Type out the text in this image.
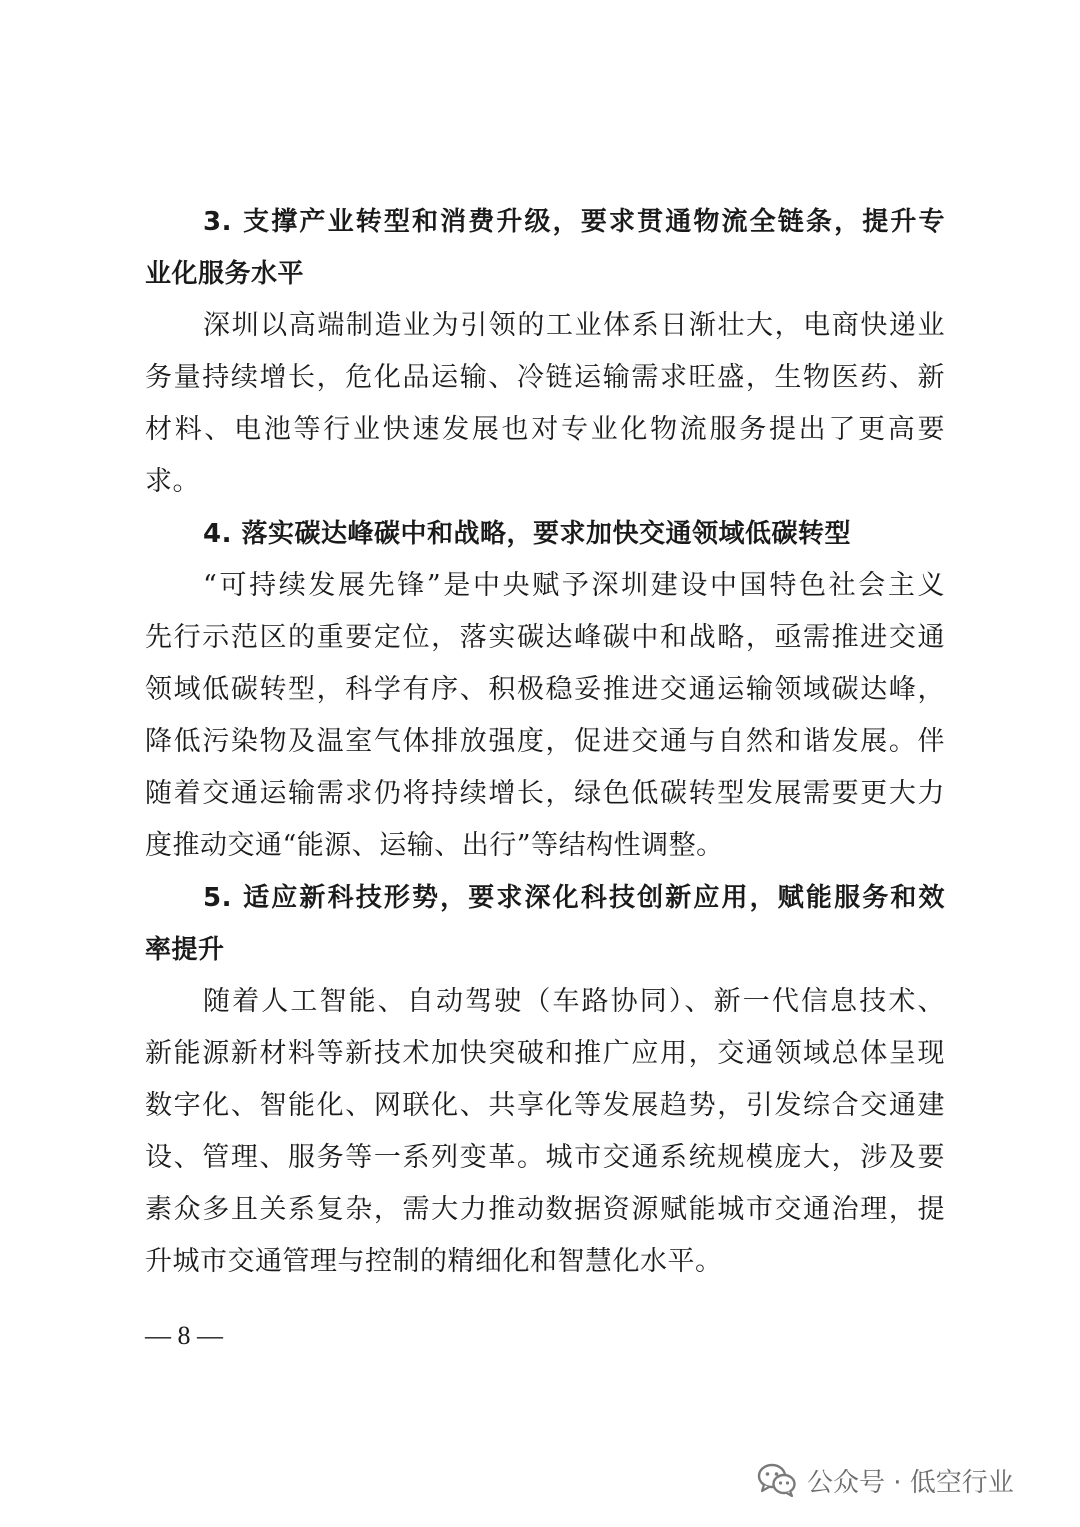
3. 支撑产业转型和消费升级，要求贯通物流全链条，提升专
业化服务水平
深圳以高端制造业为引领的工业体系日渐壮大，电商快递业
务量持续增长，危化品运输、冷链运输需求旺盛，生物医药、新
材料、电池等行业快速发展也对专业化物流服务提出了更高要
求。
4. 落实碳达峰碳中和战略，要求加快交通领域低碳转型
“可持续发展先锋”是中央赋予深圳建设中国特色社会主义
先行示范区的重要定位，落实碳达峰碳中和战略，亟需推进交通
领域低碳转型，科学有序、积极稳妥推进交通运输领域碳达峰，
降低污染物及温室气体排放强度，促进交通与自然和谐发展。伴
随着交通运输需求仍将持续增长，绿色低碳转型发展需要更大力
度推动交通“能源、运输、出行”等结构性调整。
5. 适应新科技形势，要求深化科技创新应用，赋能服务和效
率提升
随着人工智能、自动驾驶（车路协同）、新一代信息技术、
新能源新材料等新技术加快突破和推广应用，交通领域总体呈现
数字化、智能化、网联化、共享化等发展趋势，引发综合交通建
设、管理、服务等一系列变革。城市交通系统规模庞大，涉及要
素众多且关系复杂，需大力推动数据资源赋能城市交通治理，提
升城市交通管理与控制的精细化和智慧化水平。
— 8 —
公众号 · 低空行业
